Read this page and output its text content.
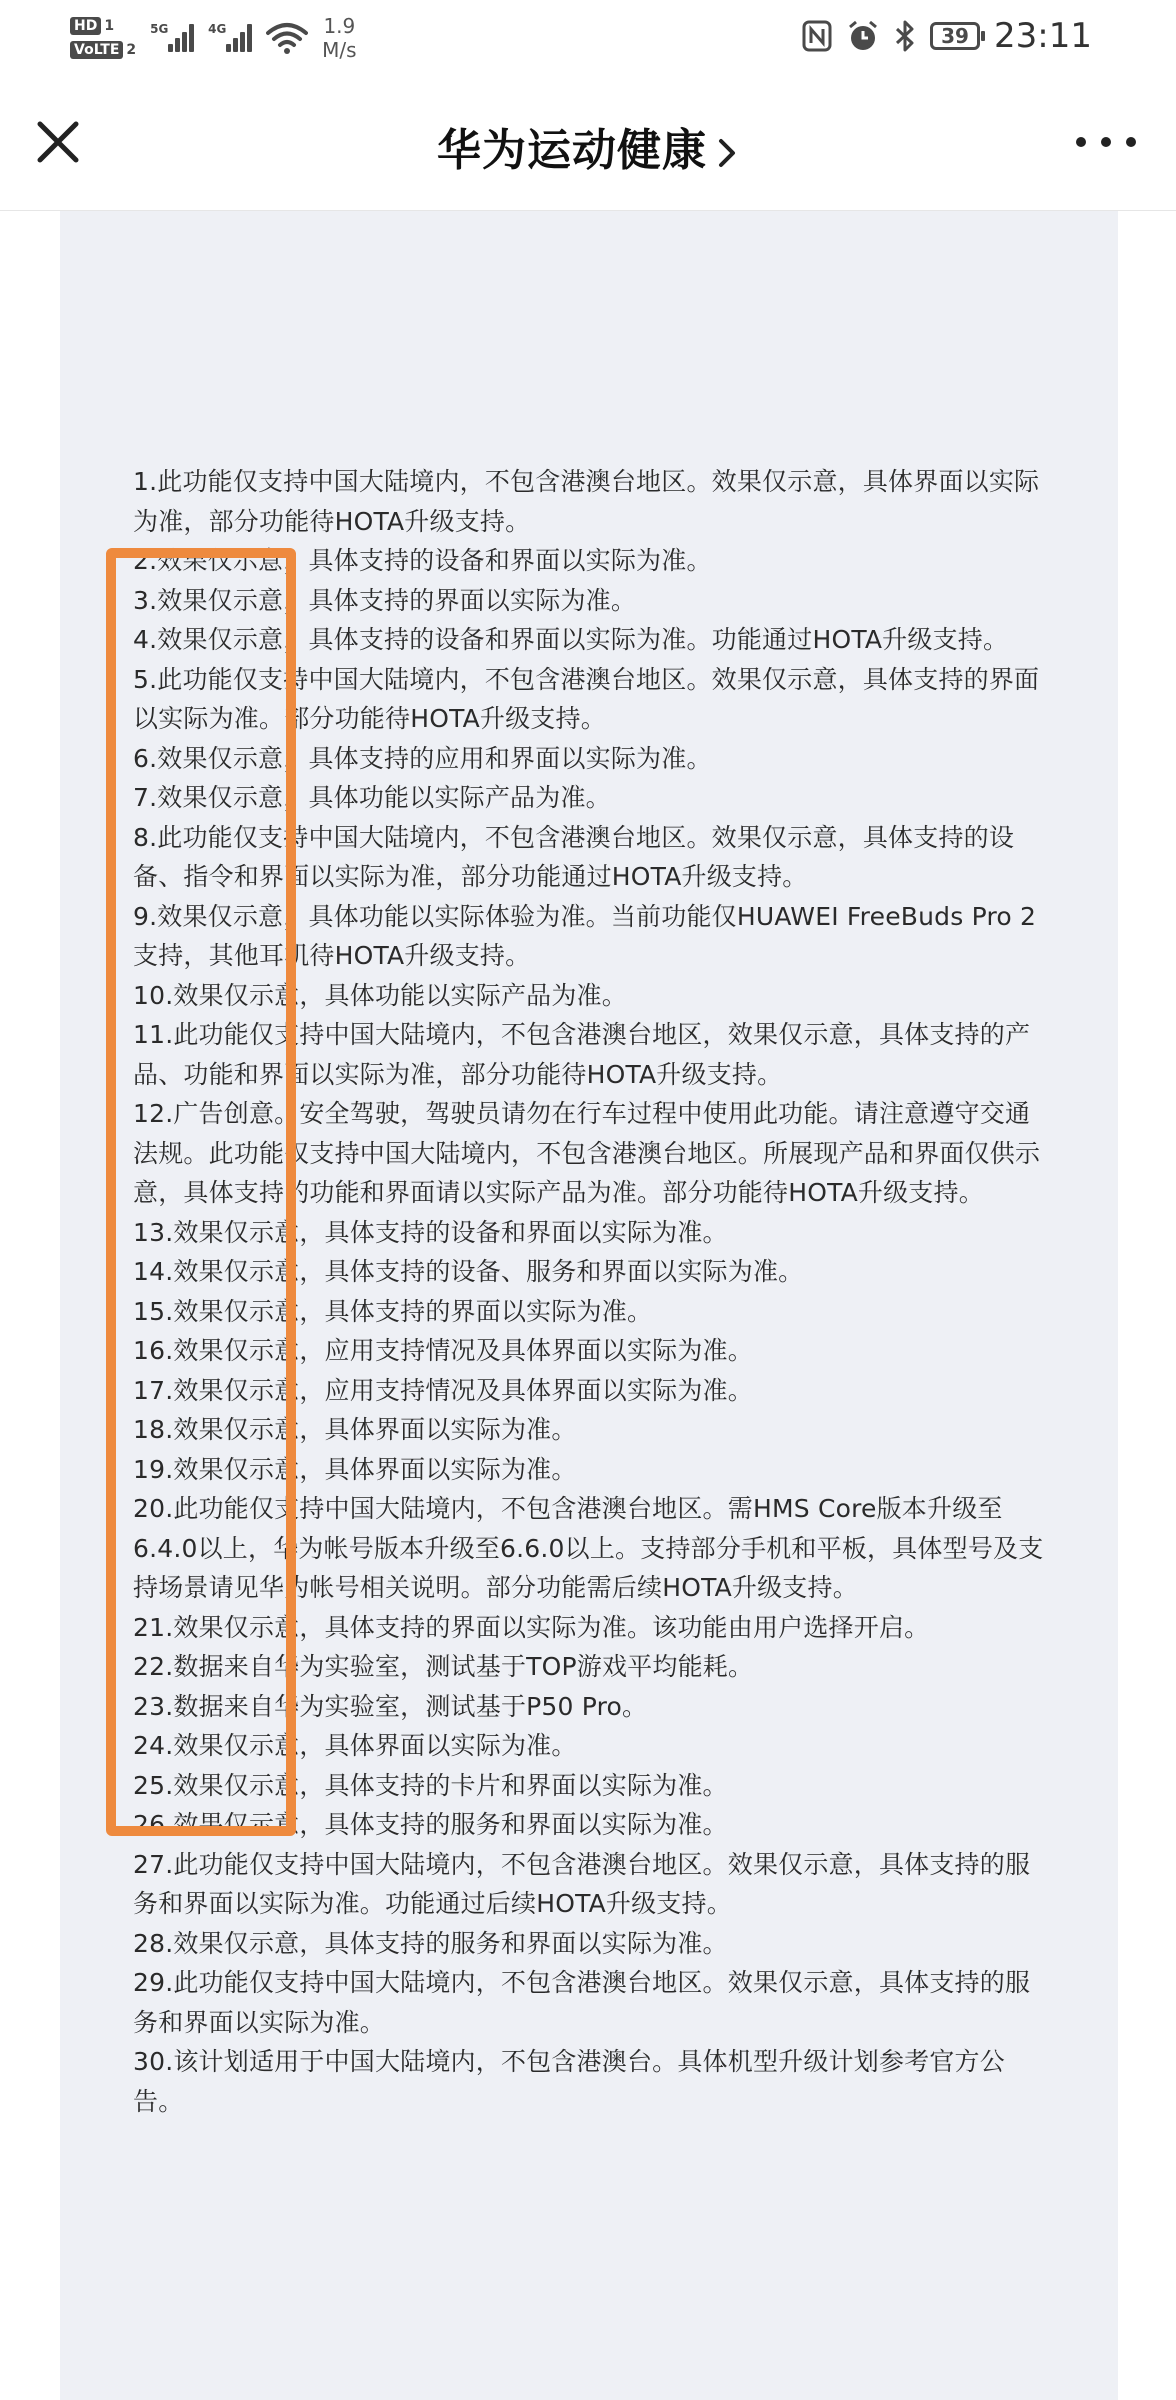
HD 1
VoLTE 2
5G	4G	1.9
M/s
39 23:11
华为运动健康
1.此功能仅支持中国大陆境内，不包含港澳台地区。效果仅示意，具体界面以实际为准，部分功能待HOTA升级支持。
2.效果仅示意，具体支持的设备和界面以实际为准。
3.效果仅示意，具体支持的界面以实际为准。
4.效果仅示意，具体支持的设备和界面以实际为准。功能通过HOTA升级支持。
5.此功能仅支持中国大陆境内，不包含港澳台地区。效果仅示意，具体支持的界面以实际为准。部分功能待HOTA升级支持。
6.效果仅示意，具体支持的应用和界面以实际为准。
7.效果仅示意，具体功能以实际产品为准。
8.此功能仅支持中国大陆境内，不包含港澳台地区。效果仅示意，具体支持的设备、指令和界面以实际为准，部分功能通过HOTA升级支持。
9.效果仅示意，具体功能以实际体验为准。当前功能仅HUAWEI FreeBuds Pro 2支持，其他耳机待HOTA升级支持。
10.效果仅示意，具体功能以实际产品为准。
11.此功能仅支持中国大陆境内，不包含港澳台地区，效果仅示意，具体支持的产品、功能和界面以实际为准，部分功能待HOTA升级支持。
12.广告创意。安全驾驶，驾驶员请勿在行车过程中使用此功能。请注意遵守交通法规。此功能仅支持中国大陆境内，不包含港澳台地区。所展现产品和界面仅供示意，具体支持的功能和界面请以实际产品为准。部分功能待HOTA升级支持。
13.效果仅示意，具体支持的设备和界面以实际为准。
14.效果仅示意，具体支持的设备、服务和界面以实际为准。
15.效果仅示意，具体支持的界面以实际为准。
16.效果仅示意，应用支持情况及具体界面以实际为准。
17.效果仅示意，应用支持情况及具体界面以实际为准。
18.效果仅示意，具体界面以实际为准。
19.效果仅示意，具体界面以实际为准。
20.此功能仅支持中国大陆境内，不包含港澳台地区。需HMS Core版本升级至6.4.0以上，华为帐号版本升级至6.6.0以上。支持部分手机和平板，具体型号及支持场景请见华为帐号相关说明。部分功能需后续HOTA升级支持。
21.效果仅示意，具体支持的界面以实际为准。该功能由用户选择开启。
22.数据来自华为实验室，测试基于TOP游戏平均能耗。
23.数据来自华为实验室，测试基于P50 Pro。
24.效果仅示意，具体界面以实际为准。
25.效果仅示意，具体支持的卡片和界面以实际为准。
26.效果仅示意，具体支持的服务和界面以实际为准。
27.此功能仅支持中国大陆境内，不包含港澳台地区。效果仅示意，具体支持的服务和界面以实际为准。功能通过后续HOTA升级支持。
28.效果仅示意，具体支持的服务和界面以实际为准。
29.此功能仅支持中国大陆境内，不包含港澳台地区。效果仅示意，具体支持的服务和界面以实际为准。
30.该计划适用于中国大陆境内，不包含港澳台。具体机型升级计划参考官方公告。
